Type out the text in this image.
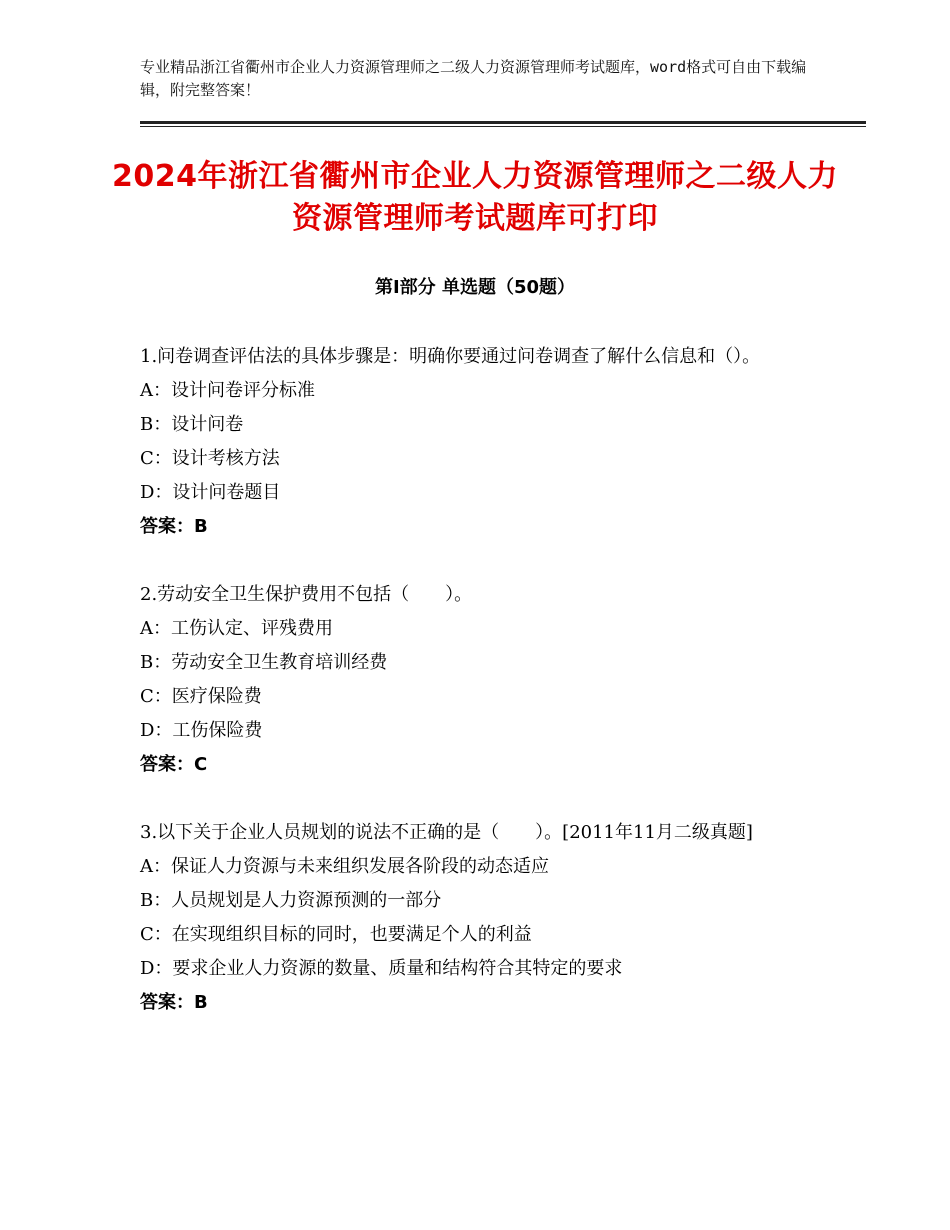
专业精品浙江省衢州市企业人力资源管理师之二级人力资源管理师考试题库，word格式可自由下载编辑，附完整答案！
2024年浙江省衢州市企业人力资源管理师之二级人力资源管理师考试题库可打印
第Ⅰ部分 单选题（50题）

1.问卷调查评估法的具体步骤是：明确你要通过问卷调查了解什么信息和（）。

A：设计问卷评分标准

B：设计问卷

C：设计考核方法

D：设计问卷题目

答案：B

2.劳动安全卫生保护费用不包括（　　）。

A：工伤认定、评残费用

B：劳动安全卫生教育培训经费

C：医疗保险费

D：工伤保险费

答案：C

3.以下关于企业人员规划的说法不正确的是（　　）。[2011年11月二级真题]

A：保证人力资源与未来组织发展各阶段的动态适应

B：人员规划是人力资源预测的一部分

C：在实现组织目标的同时，也要满足个人的利益

D：要求企业人力资源的数量、质量和结构符合其特定的要求

答案：B
